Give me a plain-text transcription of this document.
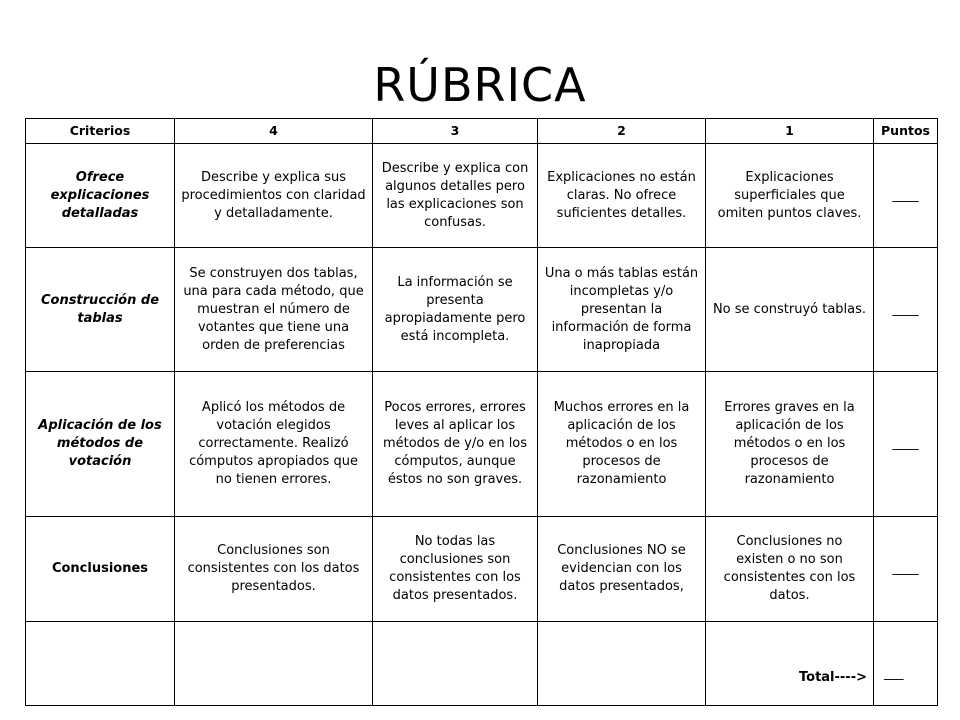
RÚBRICA
Criterios	4	3	2	1	Puntos
Ofrece explicaciones detalladas	Describe y explica sus procedimientos con claridad y detalladamente.	Describe y explica con algunos detalles pero las explicaciones son confusas.	Explicaciones no están claras. No ofrece suficientes detalles.	Explicaciones superficiales que omiten puntos claves.	____
Construcción de tablas	Se construyen dos tablas, una para cada método, que muestran el número de votantes que tiene una orden de preferencias	La información se presenta apropiadamente pero está incompleta.	Una o más tablas están incompletas y/o presentan la información de forma inapropiada	No se construyó tablas.	____
Aplicación de los métodos de votación	Aplicó los métodos de votación elegidos correctamente. Realizó cómputos apropiados que no tienen errores.	Pocos errores, errores leves al aplicar los métodos de y/o en los cómputos, aunque éstos no son graves.	Muchos errores en la aplicación de los métodos o en los procesos de razonamiento	Errores graves en la aplicación de los métodos o en los procesos de razonamiento	____
Conclusiones	Conclusiones son consistentes con los datos presentados.	No todas las conclusiones son consistentes con los datos presentados.	Conclusiones NO se evidencian con los datos presentados,	Conclusiones no existen o no son consistentes con los datos.	____
				Total---->	___
